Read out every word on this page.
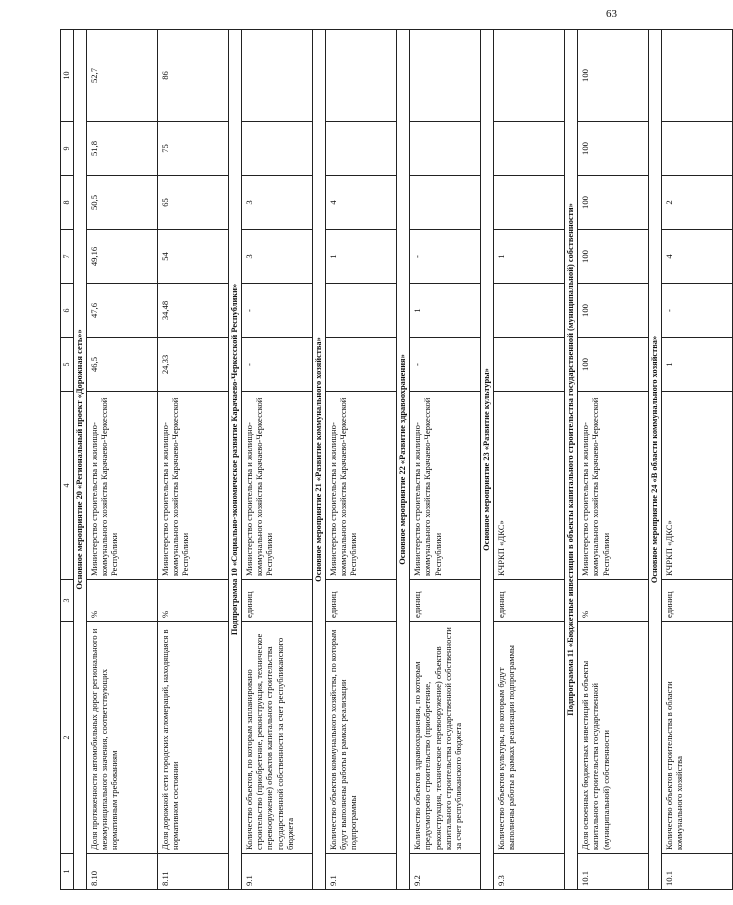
63
1	2	3	4	5	6	7	8	9	10
Основное мероприятие 20 «Региональный проект «Дорожная сеть»»									
8.10	Доля протяженности автомобильных дорог регионального и межмуниципального значения, соответствующих нормативным требованиям	%	Министерство строительства и жилищно-коммунального хозяйства Карачаево-Черкесской Республики	46,5	47,6	49,16	50,5	51,8	52,7
8.11	Доля дорожной сети городских агломераций, находящаяся в нормативном состоянии	%	Министерство строительства и жилищно-коммунального хозяйства Карачаево-Черкесской Республики	24,33	34,48	54	65	75	86
Подпрограмма 10 «Социально-экономическое развитие Карачаево-Черкесской Республики»									
9.1	Количество объектов, по которым запланировано строительство (приобретение, реконструкция, техническое перевооружение) объектов капитального строительства государственной собственности за счет республиканского бюджета	единиц	Министерство строительства и жилищно-коммунального хозяйства Карачаево-Черкесской Республики	-	-	3	3		
Основное мероприятие 21 «Развитие коммунального хозяйства»									
9.1	Количество объектов коммунального хозяйства, по которым будут выполнены работы в рамках реализации подпрограммы	единиц	Министерство строительства и жилищно-коммунального хозяйства Карачаево-Черкесской Республики			1	4		
Основное мероприятие 22 «Развитие здравоохранения»									
9.2	Количество объектов здравоохранения, по которым предусмотрено строительство (приобретение, реконструкция, техническое перевооружение) объектов капитального строительства государственной собственности за счет республиканского бюджета	единиц	Министерство строительства и жилищно-коммунального хозяйства Карачаево-Черкесской Республики	-	1	-			
Основное мероприятие 23 «Развитие культуры»									
9.3	Количество объектов культуры, по которым будут выполнены работы в рамках реализации подпрограммы	единиц	КЧРКП «ДКС»			1			
Подпрограмма 11 «Бюджетные инвестиции в объекты капитального строительства государственной (муниципальной) собственности»									
10.1	Доля освоенных бюджетных инвестиций в объекты капитального строительства государственной (муниципальной) собственности	%	Министерство строительства и жилищно-коммунального хозяйства Карачаево-Черкесской Республики	100	100	100	100	100	100
Основное мероприятие 24 «В области коммунального хозяйства»									
10.1	Количество объектов строительства в области коммунального хозяйства	единиц	КЧРКП «ДКС»	1	-	4	2		
